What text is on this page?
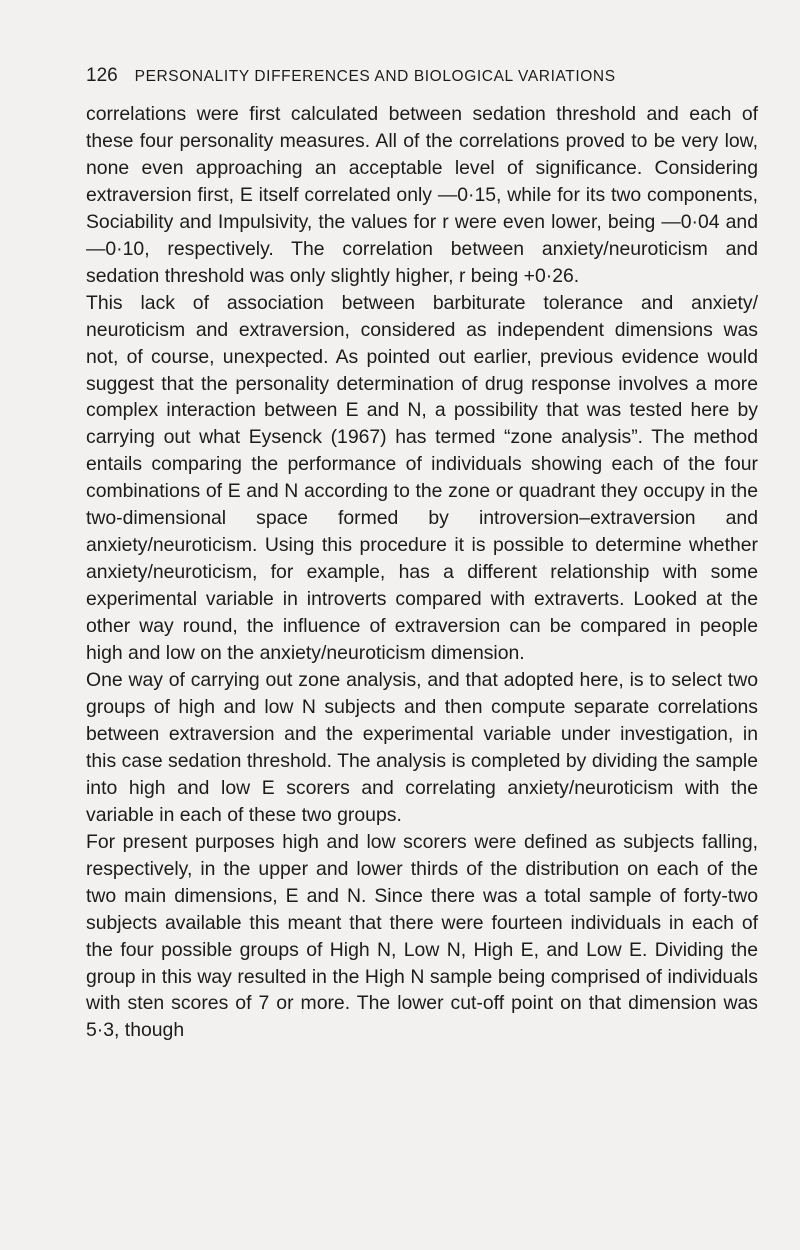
126 PERSONALITY DIFFERENCES AND BIOLOGICAL VARIATIONS

correlations were first calculated between sedation threshold and each of these four personality measures. All of the correlations proved to be very low, none even approaching an acceptable level of significance. Considering extraversion first, E itself correlated only —0·15, while for its two components, Sociability and Impulsivity, the values for r were even lower, being —0·04 and —0·10, respectively. The correlation between anxiety/neuroticism and sedation threshold was only slightly higher, r being +0·26.

This lack of association between barbiturate tolerance and anxiety/ neuroticism and extraversion, considered as independent dimensions was not, of course, unexpected. As pointed out earlier, previous evidence would suggest that the personality determination of drug response involves a more complex interaction between E and N, a possibility that was tested here by carrying out what Eysenck (1967) has termed “zone analysis”. The method entails comparing the performance of individuals showing each of the four combinations of E and N according to the zone or quadrant they occupy in the two-dimensional space formed by introversion–extraversion and anxiety/neuroticism. Using this procedure it is possible to determine whether anxiety/neuroticism, for example, has a different relationship with some experimental variable in introverts compared with extraverts. Looked at the other way round, the influence of extraversion can be compared in people high and low on the anxiety/neuroticism dimension.

One way of carrying out zone analysis, and that adopted here, is to select two groups of high and low N subjects and then compute separate correlations between extraversion and the experimental variable under investigation, in this case sedation threshold. The analysis is completed by dividing the sample into high and low E scorers and correlating anxiety/neuroticism with the variable in each of these two groups.

For present purposes high and low scorers were defined as subjects falling, respectively, in the upper and lower thirds of the distribution on each of the two main dimensions, E and N. Since there was a total sample of forty-two subjects available this meant that there were fourteen individuals in each of the four possible groups of High N, Low N, High E, and Low E. Dividing the group in this way resulted in the High N sample being comprised of individuals with sten scores of 7 or more. The lower cut-off point on that dimension was 5·3, though
